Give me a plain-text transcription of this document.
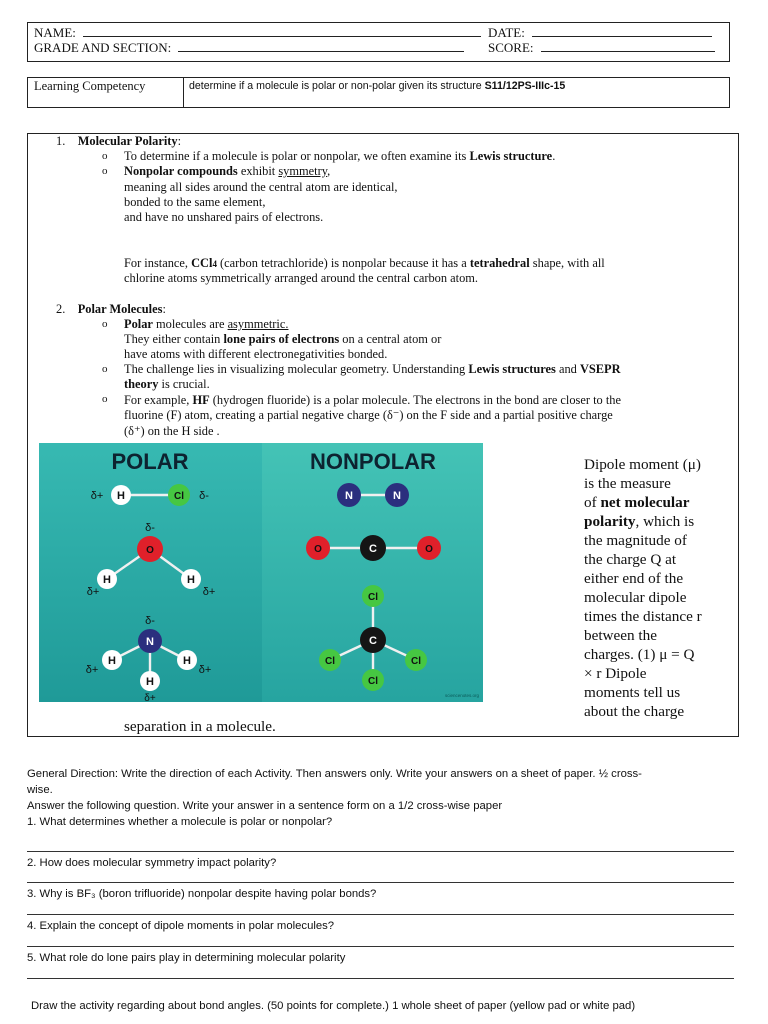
NAME:	DATE:
GRADE AND SECTION:	SCORE:
Learning Competency	determine if a molecule is polar or non-polar given its structure S11/12PS-IIIc-15
1. Molecular Polarity:
o To determine if a molecule is polar or nonpolar, we often examine its Lewis structure.
o Nonpolar compounds exhibit symmetry,
meaning all sides around the central atom are identical,
bonded to the same element,
and have no unshared pairs of electrons.
For instance, CCl4 (carbon tetrachloride) is nonpolar because it has a tetrahedral shape, with all
chlorine atoms symmetrically arranged around the central carbon atom.
2. Polar Molecules:
o Polar molecules are asymmetric.
They either contain lone pairs of electrons on a central atom or
have atoms with different electronegativities bonded.
o The challenge lies in visualizing molecular geometry. Understanding Lewis structures and VSEPR
theory is crucial.
o For example, HF (hydrogen fluoride) is a polar molecule. The electrons in the bond are closer to the
fluorine (F) atom, creating a partial negative charge (δ⁻) on the F side and a partial positive charge
(δ⁺) on the H side .
POLAR	NONPOLAR
H	Cl
δ+	δ-
O
H	H
δ-
δ+	δ+
N
H	H
H
δ-
δ+	δ+
δ+
N	N
O	C	O
Cl
C
Cl	Cl
Cl
sciencenotes.org
Dipole moment (μ)
is the measure
of net molecular
polarity, which is
the magnitude of
the charge Q at
either end of the
molecular dipole
times the distance r
between the
charges. (1) μ = Q
× r Dipole
moments tell us
about the charge
separation in a molecule.
General Direction: Write the direction of each Activity. Then answers only. Write your answers on a sheet of paper. ½ cross-
wise.
Answer the following question. Write your answer in a sentence form on a 1/2 cross-wise paper
1. What determines whether a molecule is polar or nonpolar?
2. How does molecular symmetry impact polarity?
3. Why is BF₃ (boron trifluoride) nonpolar despite having polar bonds?
4. Explain the concept of dipole moments in polar molecules?
5. What role do lone pairs play in determining molecular polarity
Draw the activity regarding about bond angles. (50 points for complete.) 1 whole sheet of paper (yellow pad or white pad)
